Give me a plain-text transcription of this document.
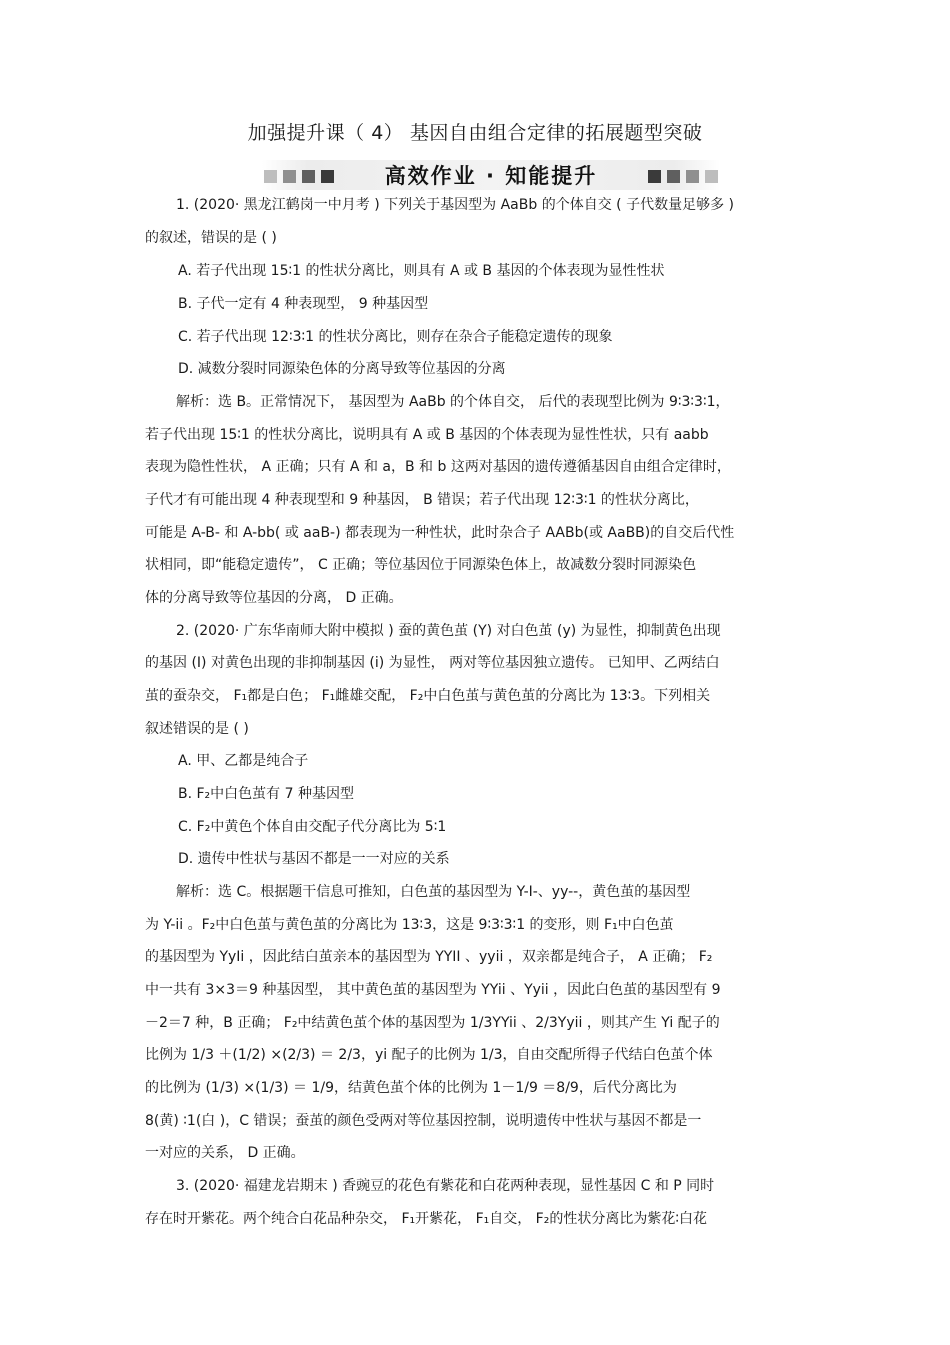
加强提升课（ 4） 基因自由组合定律的拓展题型突破
高效作业 · 知能提升

1. (2020· 黑龙江鹤岗一中月考 ) 下列关于基因型为 AaBb 的个体自交 ( 子代数量足够多 )

的叙述，错误的是 ( )

A. 若子代出现 15∶1 的性状分离比，则具有 A 或 B 基因的个体表现为显性性状

B. 子代一定有 4 种表现型， 9 种基因型

C. 若子代出现 12∶3∶1 的性状分离比，则存在杂合子能稳定遗传的现象

D. 减数分裂时同源染色体的分离导致等位基因的分离

解析：选 B。正常情况下， 基因型为 AaBb 的个体自交， 后代的表现型比例为 9∶3∶3∶1，

若子代出现 15∶1 的性状分离比，说明具有 A 或 B 基因的个体表现为显性性状，只有 aabb

表现为隐性性状， A 正确；只有 A 和 a，B 和 b 这两对基因的遗传遵循基因自由组合定律时，

子代才有可能出现 4 种表现型和 9 种基因， B 错误；若子代出现 12∶3∶1 的性状分离比，

可能是 A-B- 和 A-bb( 或 aaB-) 都表现为一种性状，此时杂合子 AABb(或 AaBB)的自交后代性

状相同，即“能稳定遗传”， C 正确；等位基因位于同源染色体上，故减数分裂时同源染色

体的分离导致等位基因的分离， D 正确。

2. (2020· 广东华南师大附中模拟 ) 蚕的黄色茧 (Y) 对白色茧 (y) 为显性，抑制黄色出现

的基因 (I) 对黄色出现的非抑制基因 (i) 为显性， 两对等位基因独立遗传。 已知甲、乙两结白

茧的蚕杂交， F₁都是白色； F₁雌雄交配， F₂中白色茧与黄色茧的分离比为 13∶3。下列相关

叙述错误的是 ( )

A. 甲、乙都是纯合子

B. F₂中白色茧有 7 种基因型

C. F₂中黄色个体自由交配子代分离比为 5∶1

D. 遗传中性状与基因不都是一一对应的关系

解析：选 C。根据题干信息可推知，白色茧的基因型为 Y-I-、yy--，黄色茧的基因型

为 Y-ii 。F₂中白色茧与黄色茧的分离比为 13∶3，这是 9∶3∶3∶1 的变形，则 F₁中白色茧

的基因型为 YyIi ，因此结白茧亲本的基因型为 YYII 、yyii ，双亲都是纯合子， A 正确； F₂

中一共有 3×3＝9 种基因型， 其中黄色茧的基因型为 YYii 、Yyii ，因此白色茧的基因型有 9

－2＝7 种，B 正确； F₂中结黄色茧个体的基因型为 1/3YYii 、2/3Yyii ，则其产生 Yi 配子的

比例为 1/3 ＋(1/2) ×(2/3) ＝ 2/3，yi 配子的比例为 1/3，自由交配所得子代结白色茧个体

的比例为 (1/3) ×(1/3) ＝ 1/9，结黄色茧个体的比例为 1－1/9 ＝8/9，后代分离比为

8(黄) ∶1(白 )，C 错误；蚕茧的颜色受两对等位基因控制，说明遗传中性状与基因不都是一

一对应的关系， D 正确。

3. (2020· 福建龙岩期末 ) 香豌豆的花色有紫花和白花两种表现，显性基因 C 和 P 同时

存在时开紫花。两个纯合白花品种杂交， F₁开紫花， F₁自交， F₂的性状分离比为紫花∶白花
